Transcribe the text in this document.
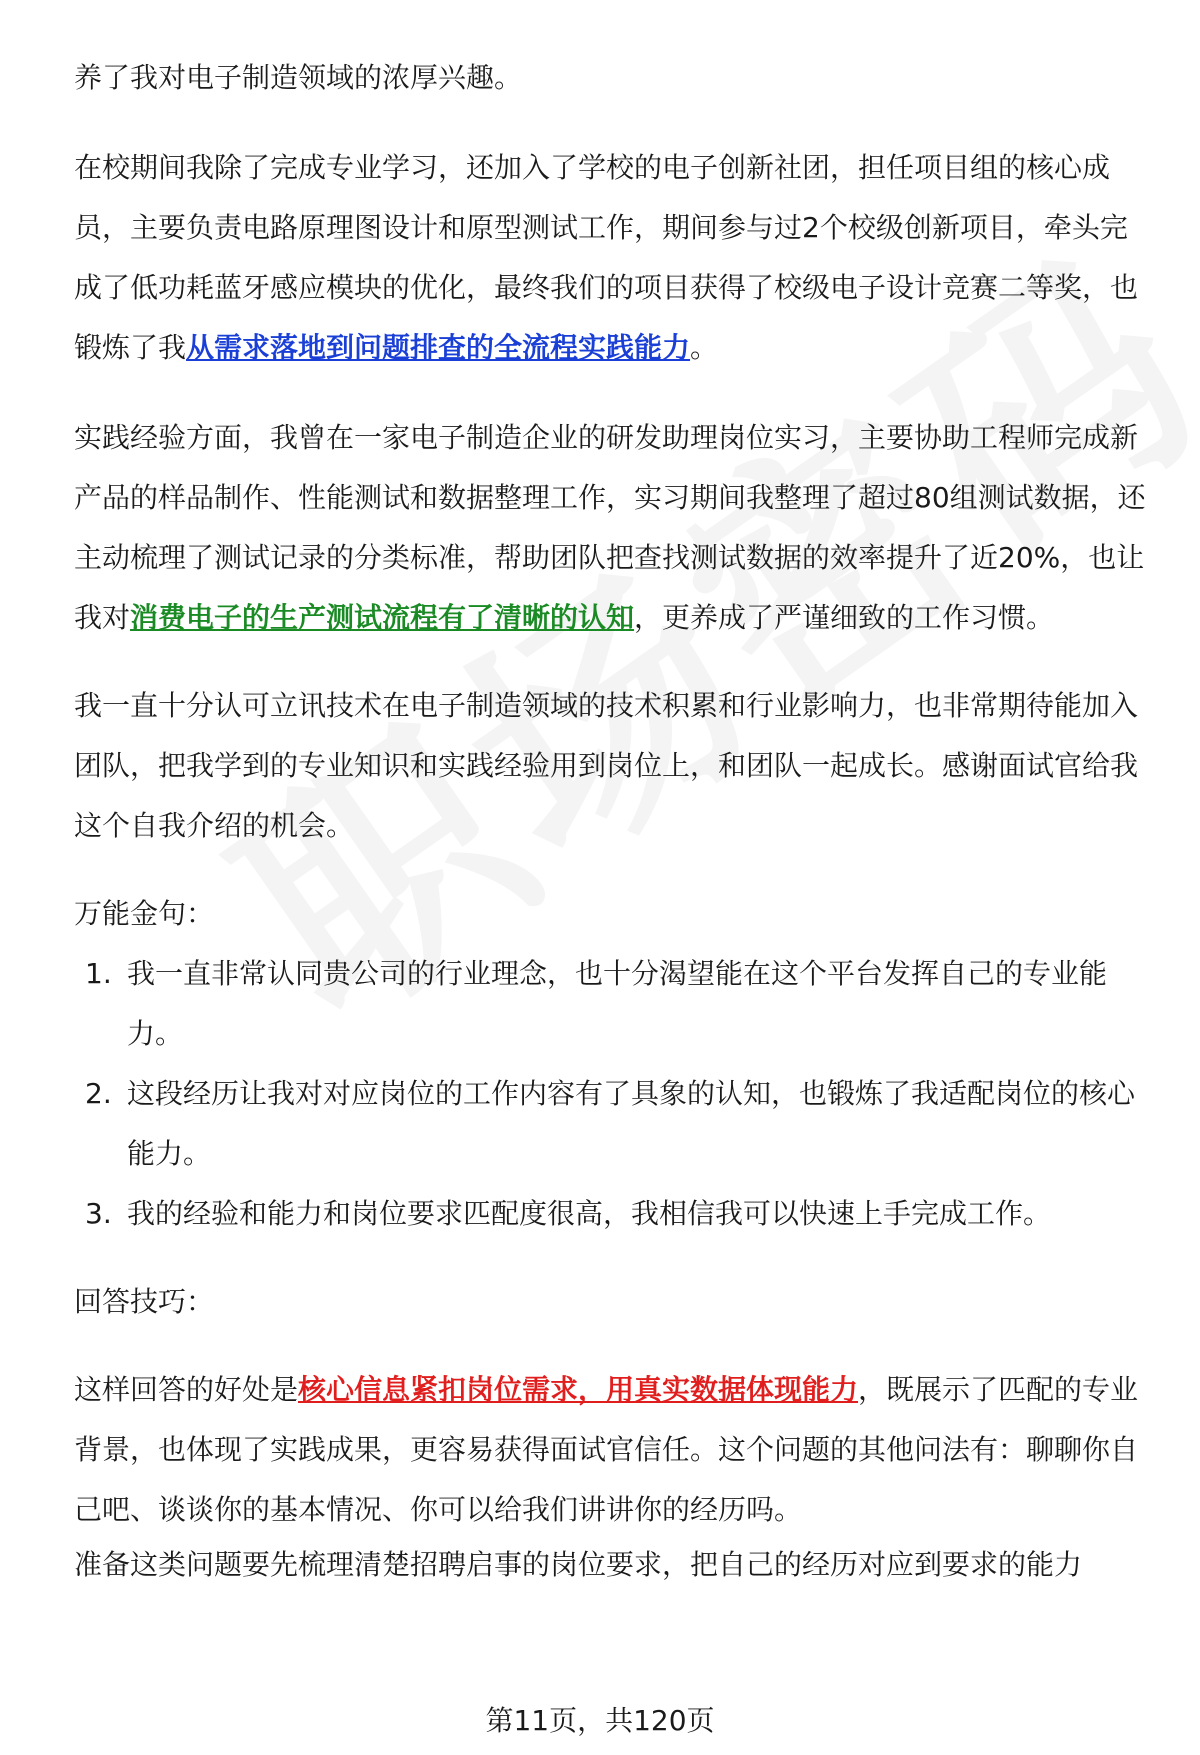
养了我对电子制造领域的浓厚兴趣。

在校期间我除了完成专业学习，还加入了学校的电子创新社团，担任项目组的核心成员，主要负责电路原理图设计和原型测试工作，期间参与过2个校级创新项目，牵头完成了低功耗蓝牙感应模块的优化，最终我们的项目获得了校级电子设计竞赛二等奖，也锻炼了我从需求落地到问题排查的全流程实践能力。

实践经验方面，我曾在一家电子制造企业的研发助理岗位实习，主要协助工程师完成新产品的样品制作、性能测试和数据整理工作，实习期间我整理了超过80组测试数据，还主动梳理了测试记录的分类标准，帮助团队把查找测试数据的效率提升了近20%，也让我对消费电子的生产测试流程有了清晰的认知，更养成了严谨细致的工作习惯。

我一直十分认可立讯技术在电子制造领域的技术积累和行业影响力，也非常期待能加入团队，把我学到的专业知识和实践经验用到岗位上，和团队一起成长。感谢面试官给我这个自我介绍的机会。

万能金句：

1. 我一直非常认同贵公司的行业理念，也十分渴望能在这个平台发挥自己的专业能力。
2. 这段经历让我对对应岗位的工作内容有了具象的认知，也锻炼了我适配岗位的核心能力。
3. 我的经验和能力和岗位要求匹配度很高，我相信我可以快速上手完成工作。

回答技巧：

这样回答的好处是核心信息紧扣岗位需求，用真实数据体现能力，既展示了匹配的专业背景，也体现了实践成果，更容易获得面试官信任。这个问题的其他问法有：聊聊你自己吧、谈谈你的基本情况、你可以给我们讲讲你的经历吗。

准备这类问题要先梳理清楚招聘启事的岗位要求，把自己的经历对应到要求的能力

第11页，共120页
